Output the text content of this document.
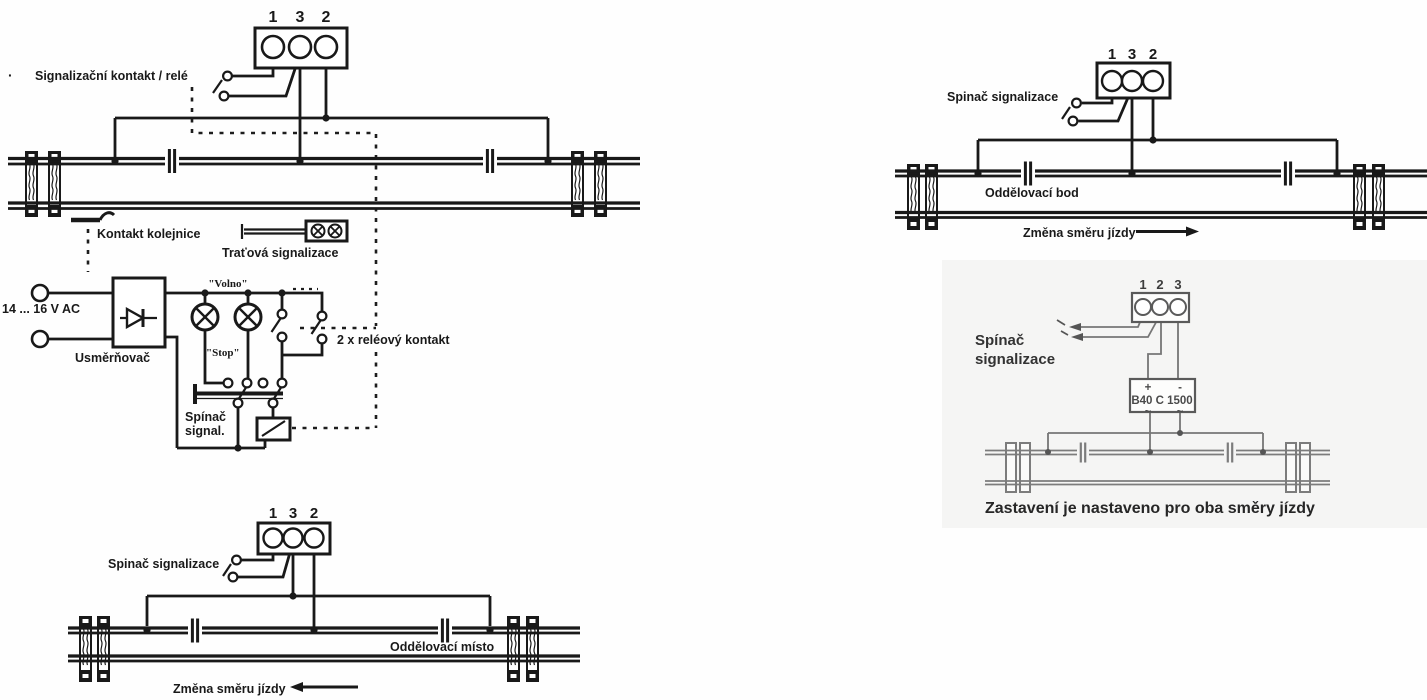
1 3 2
· Signalizační kontakt / relé
Kontakt kolejnice
Traťová signalizace
14 ... 16 V AC
Usměrňovač
"Volno"
"Stop"
2 x reléový kontakt
Spínač
signal.
1 3 2
Spinač signalizace
Oddělovací bod
Změna směru jízdy
1 3 2
Spinač signalizace
Oddělovací místo
Změna směru jízdy
1 2 3
Spínač
signalizace
+ -
B40 C 1500
~ ~
Zastavení je nastaveno pro oba směry jízdy
